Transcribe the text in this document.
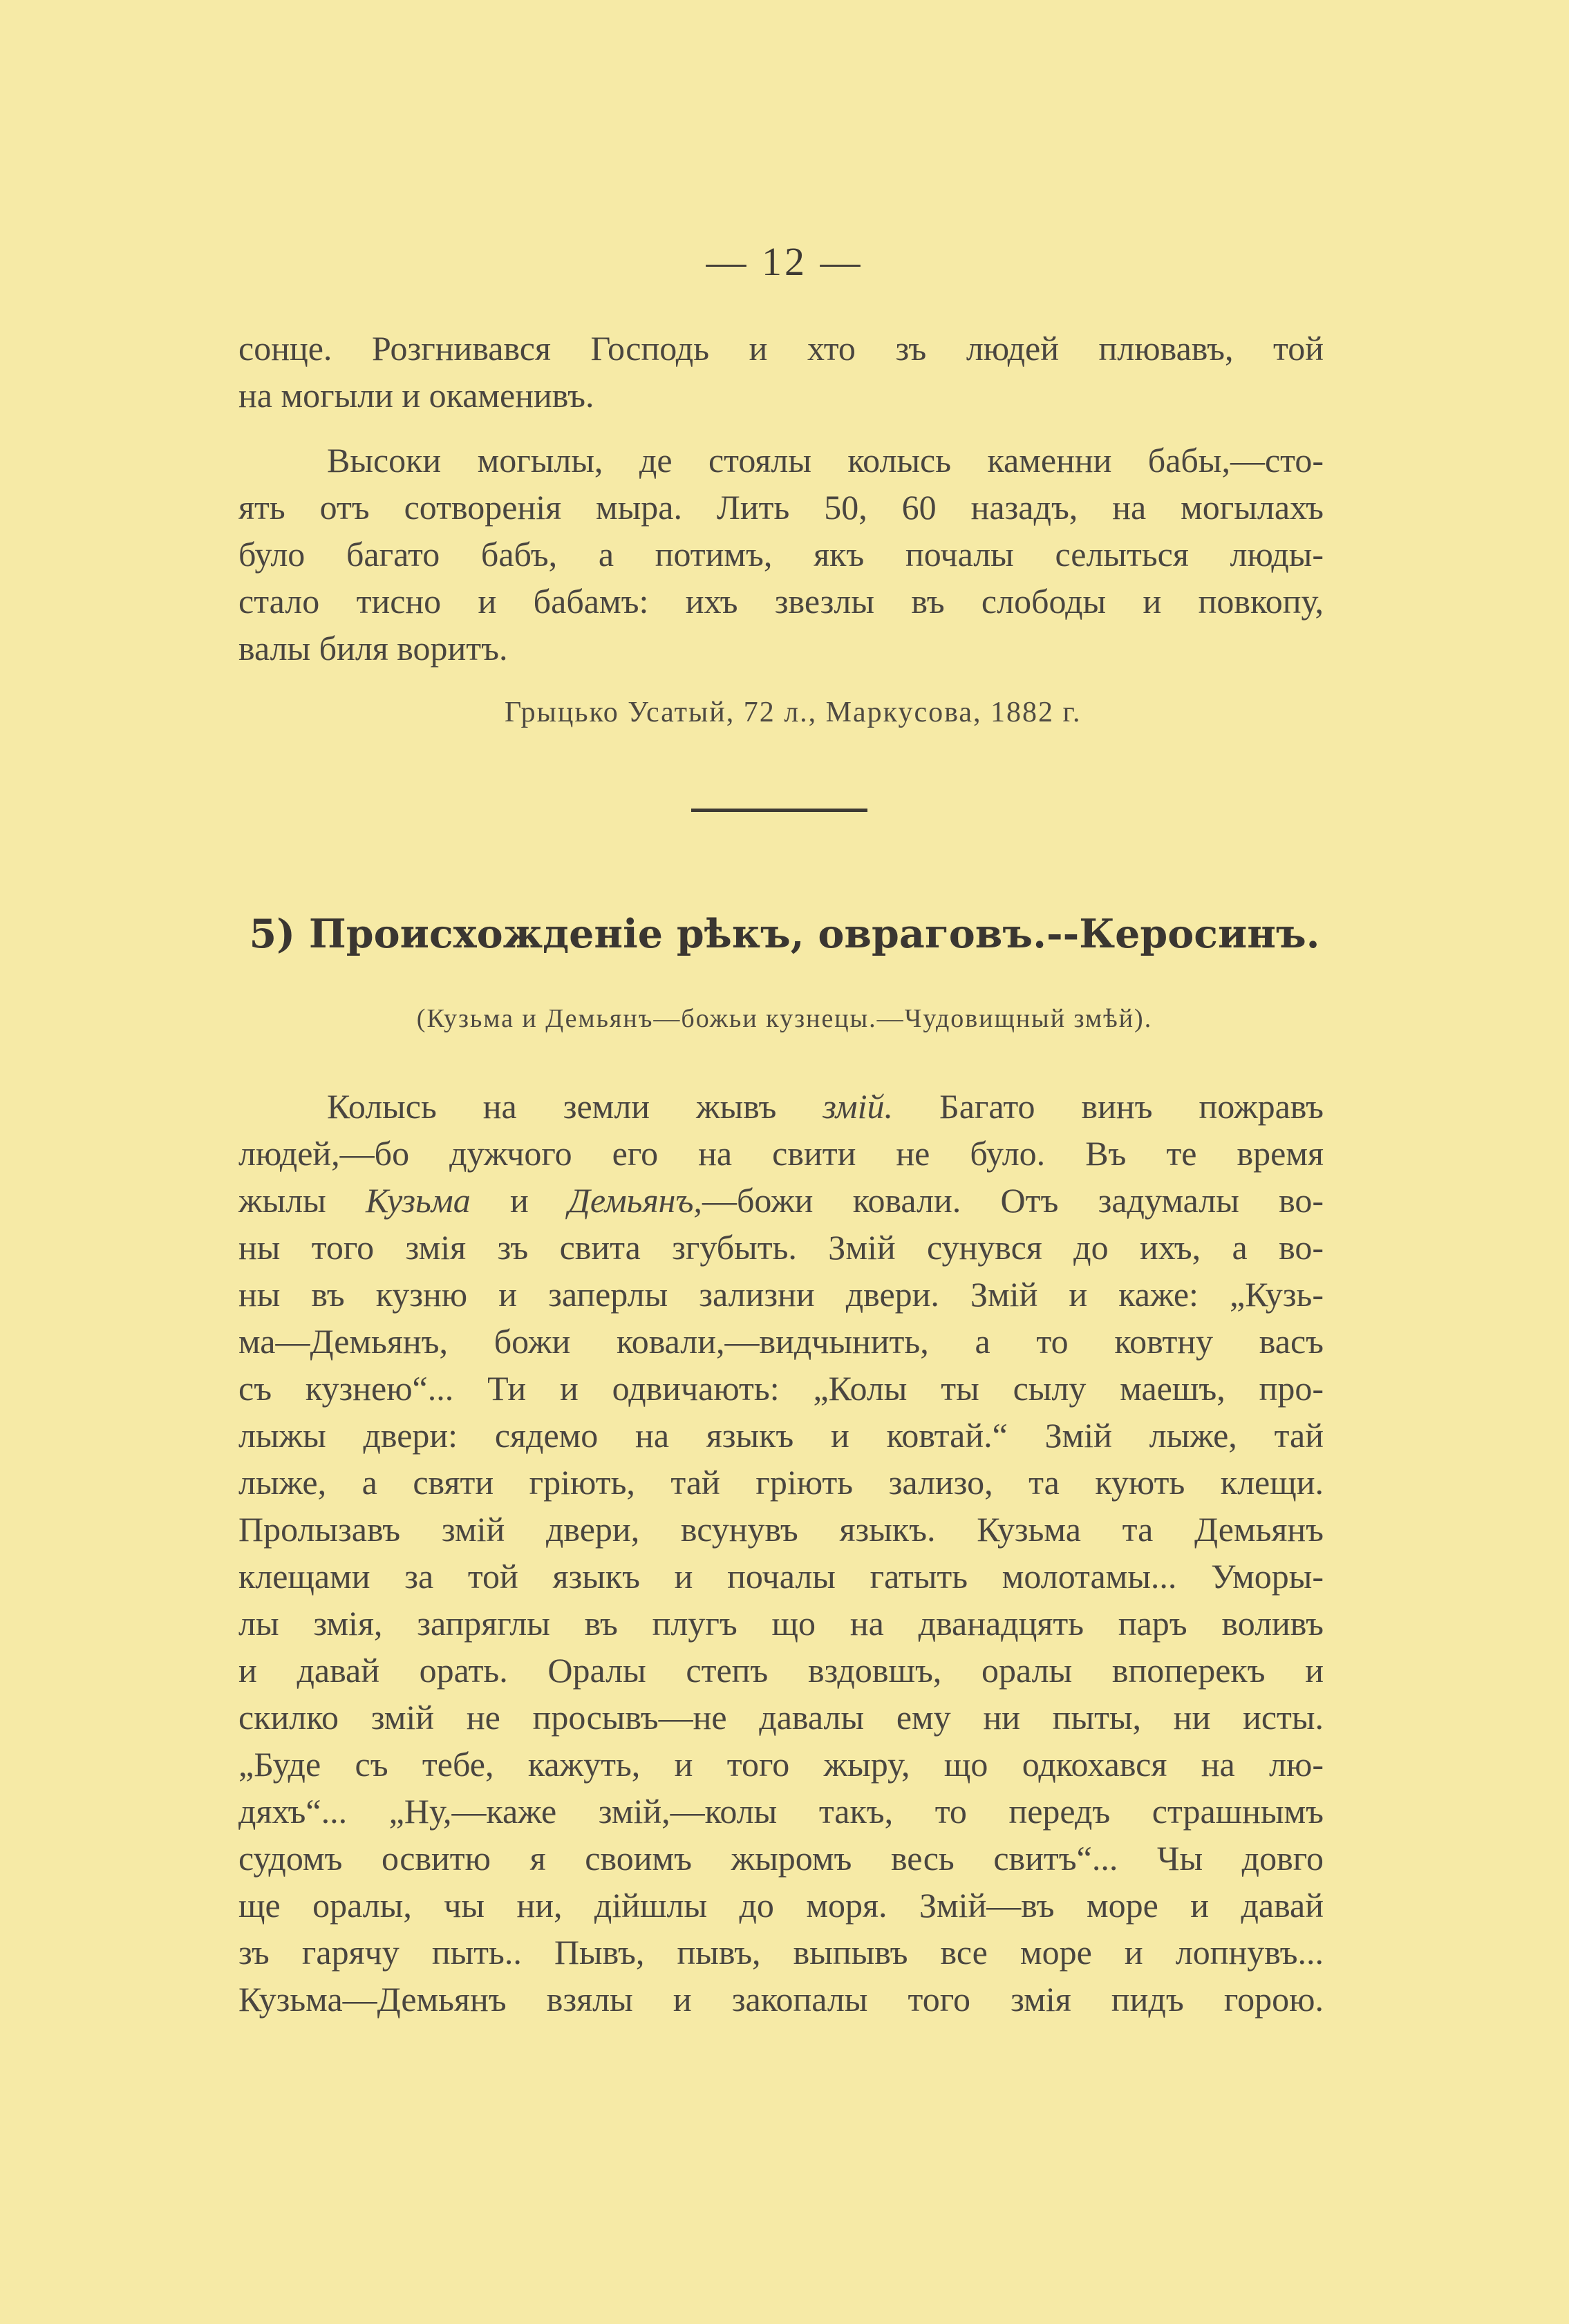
— 12 —
сонце. Розгнивався Господь и хто зъ людей плювавъ, той
на могыли и окаменивъ.
Высоки могылы, де стоялы колысь каменни бабы,—сто-
ять отъ сотворенія мыра. Лить 50, 60 назадъ, на могылахъ
було багато бабъ, а потимъ, якъ почалы селыться люды-
стало тисно и бабамъ: ихъ звезлы въ слободы и повкопу,
валы биля воритъ.
Грыцько Усатый, 72 л., Маркусова, 1882 г.
5) Происхожденіе рѣкъ, овраговъ.--Керосинъ.
(Кузьма и Демьянъ—божьи кузнецы.—Чудовищный змѣй).
Колысь на земли жывъ змій. Багато винъ пожравъ
людей,—бо дужчого его на свити не було. Въ те время
жылы Кузьма и Демьянъ,—божи ковали. Отъ задумалы во-
ны того змія зъ свита згубыть. Змій сунувся до ихъ, а во-
ны въ кузню и заперлы зализни двери. Змій и каже: „Кузь-
ма—Демьянъ, божи ковали,—видчынить, а то ковтну васъ
съ кузнею“... Ти и одвичають: „Колы ты сылу маешъ, про-
лыжы двери: сядемо на языкъ и ковтай.“ Змій лыже, тай
лыже, а святи гріють, тай гріють зализо, та кують клещи.
Пролызавъ змій двери, всунувъ языкъ. Кузьма та Демьянъ
клещами за той языкъ и почалы гатыть молотамы... Уморы-
лы змія, запряглы въ плугъ що на дванадцять паръ воливъ
и давай орать. Оралы степъ вздовшъ, оралы впоперекъ и
скилко змій не просывъ—не давалы ему ни пыты, ни исты.
„Буде съ тебе, кажуть, и того жыру, що одкохався на лю-
дяхъ“... „Ну,—каже змій,—колы такъ, то передъ страшнымъ
судомъ освитю я своимъ жыромъ весь свитъ“... Чы довго
ще оралы, чы ни, дійшлы до моря. Змій—въ море и давай
зъ гарячу пыть.. Пывъ, пывъ, выпывъ все море и лопнувъ...
Кузьма—Демьянъ взялы и закопалы того змія пидъ горою.
